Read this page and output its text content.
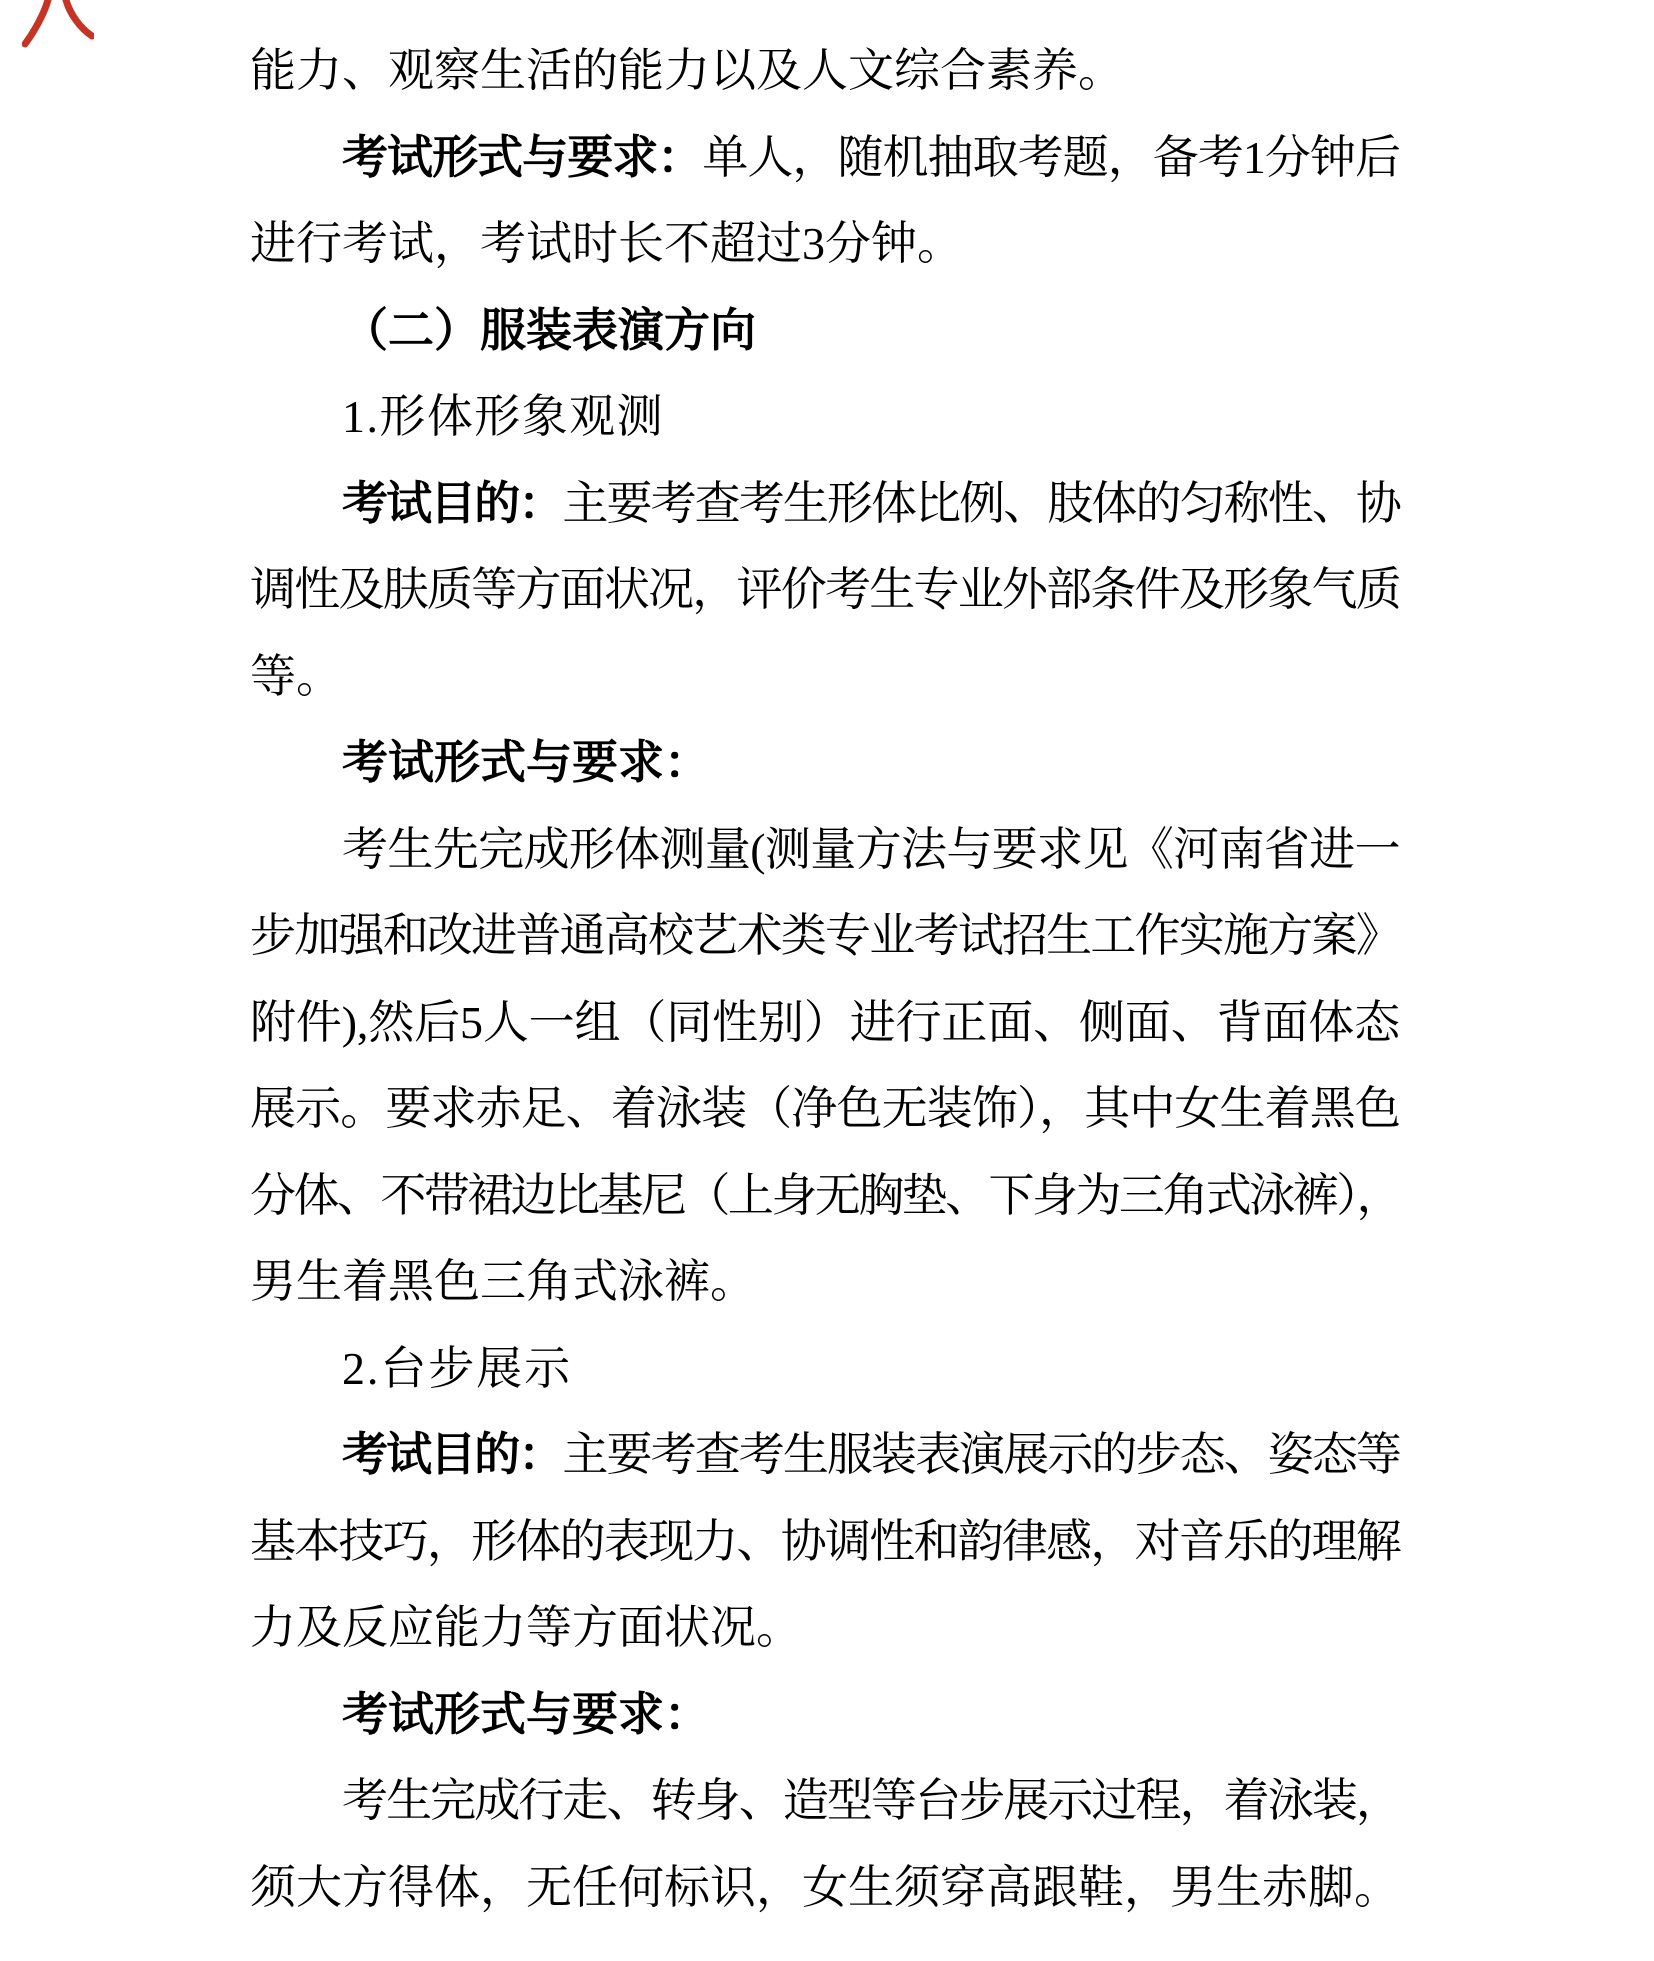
能力、观察生活的能力以及人文综合素养。
考试形式与要求：单人，随机抽取考题，备考1分钟后
进行考试，考试时长不超过3分钟。
（二）服装表演方向
1.形体形象观测
考试目的：主要考查考生形体比例、肢体的匀称性、协
调性及肤质等方面状况，评价考生专业外部条件及形象气质
等。
考试形式与要求：
考生先完成形体测量(测量方法与要求见《河南省进一
步加强和改进普通高校艺术类专业考试招生工作实施方案》
附件),然后5人一组（同性别）进行正面、侧面、背面体态
展示。要求赤足、着泳装（净色无装饰），其中女生着黑色
分体、不带裙边比基尼（上身无胸垫、下身为三角式泳裤），
男生着黑色三角式泳裤。
2.台步展示
考试目的：主要考查考生服装表演展示的步态、姿态等
基本技巧，形体的表现力、协调性和韵律感，对音乐的理解
力及反应能力等方面状况。
考试形式与要求：
考生完成行走、转身、造型等台步展示过程，着泳装，
须大方得体，无任何标识，女生须穿高跟鞋，男生赤脚。
